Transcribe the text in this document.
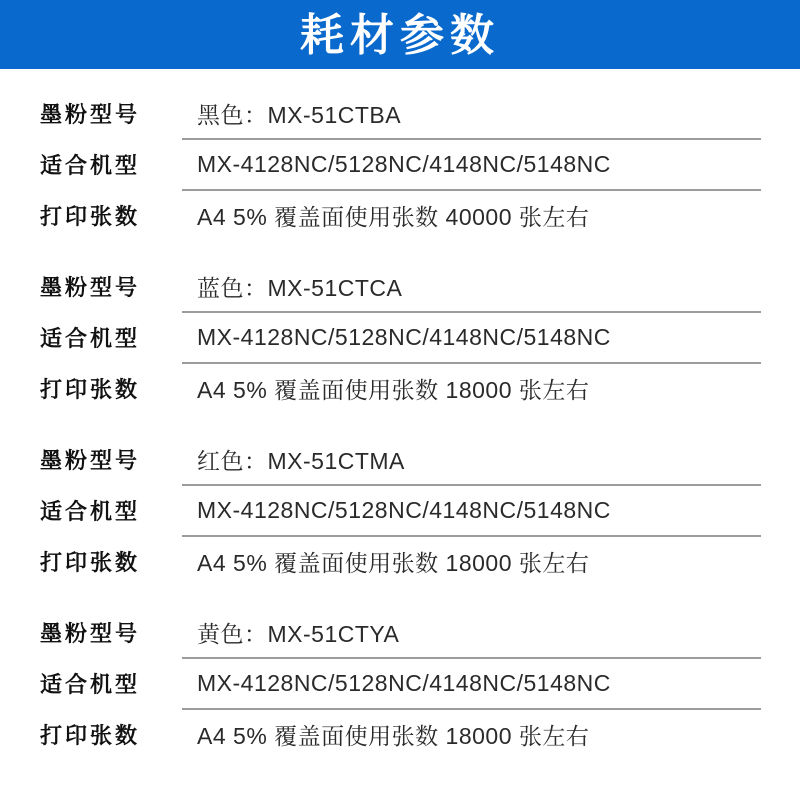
耗材参数
墨粉型号	黑色：MX-51CTBA
适合机型	MX-4128NC/5128NC/4148NC/5148NC
打印张数	A4 5% 覆盖面使用张数 40000 张左右
墨粉型号	蓝色：MX-51CTCA
适合机型	MX-4128NC/5128NC/4148NC/5148NC
打印张数	A4 5% 覆盖面使用张数 18000 张左右
墨粉型号	红色：MX-51CTMA
适合机型	MX-4128NC/5128NC/4148NC/5148NC
打印张数	A4 5% 覆盖面使用张数 18000 张左右
墨粉型号	黄色：MX-51CTYA
适合机型	MX-4128NC/5128NC/4148NC/5148NC
打印张数	A4 5% 覆盖面使用张数 18000 张左右
